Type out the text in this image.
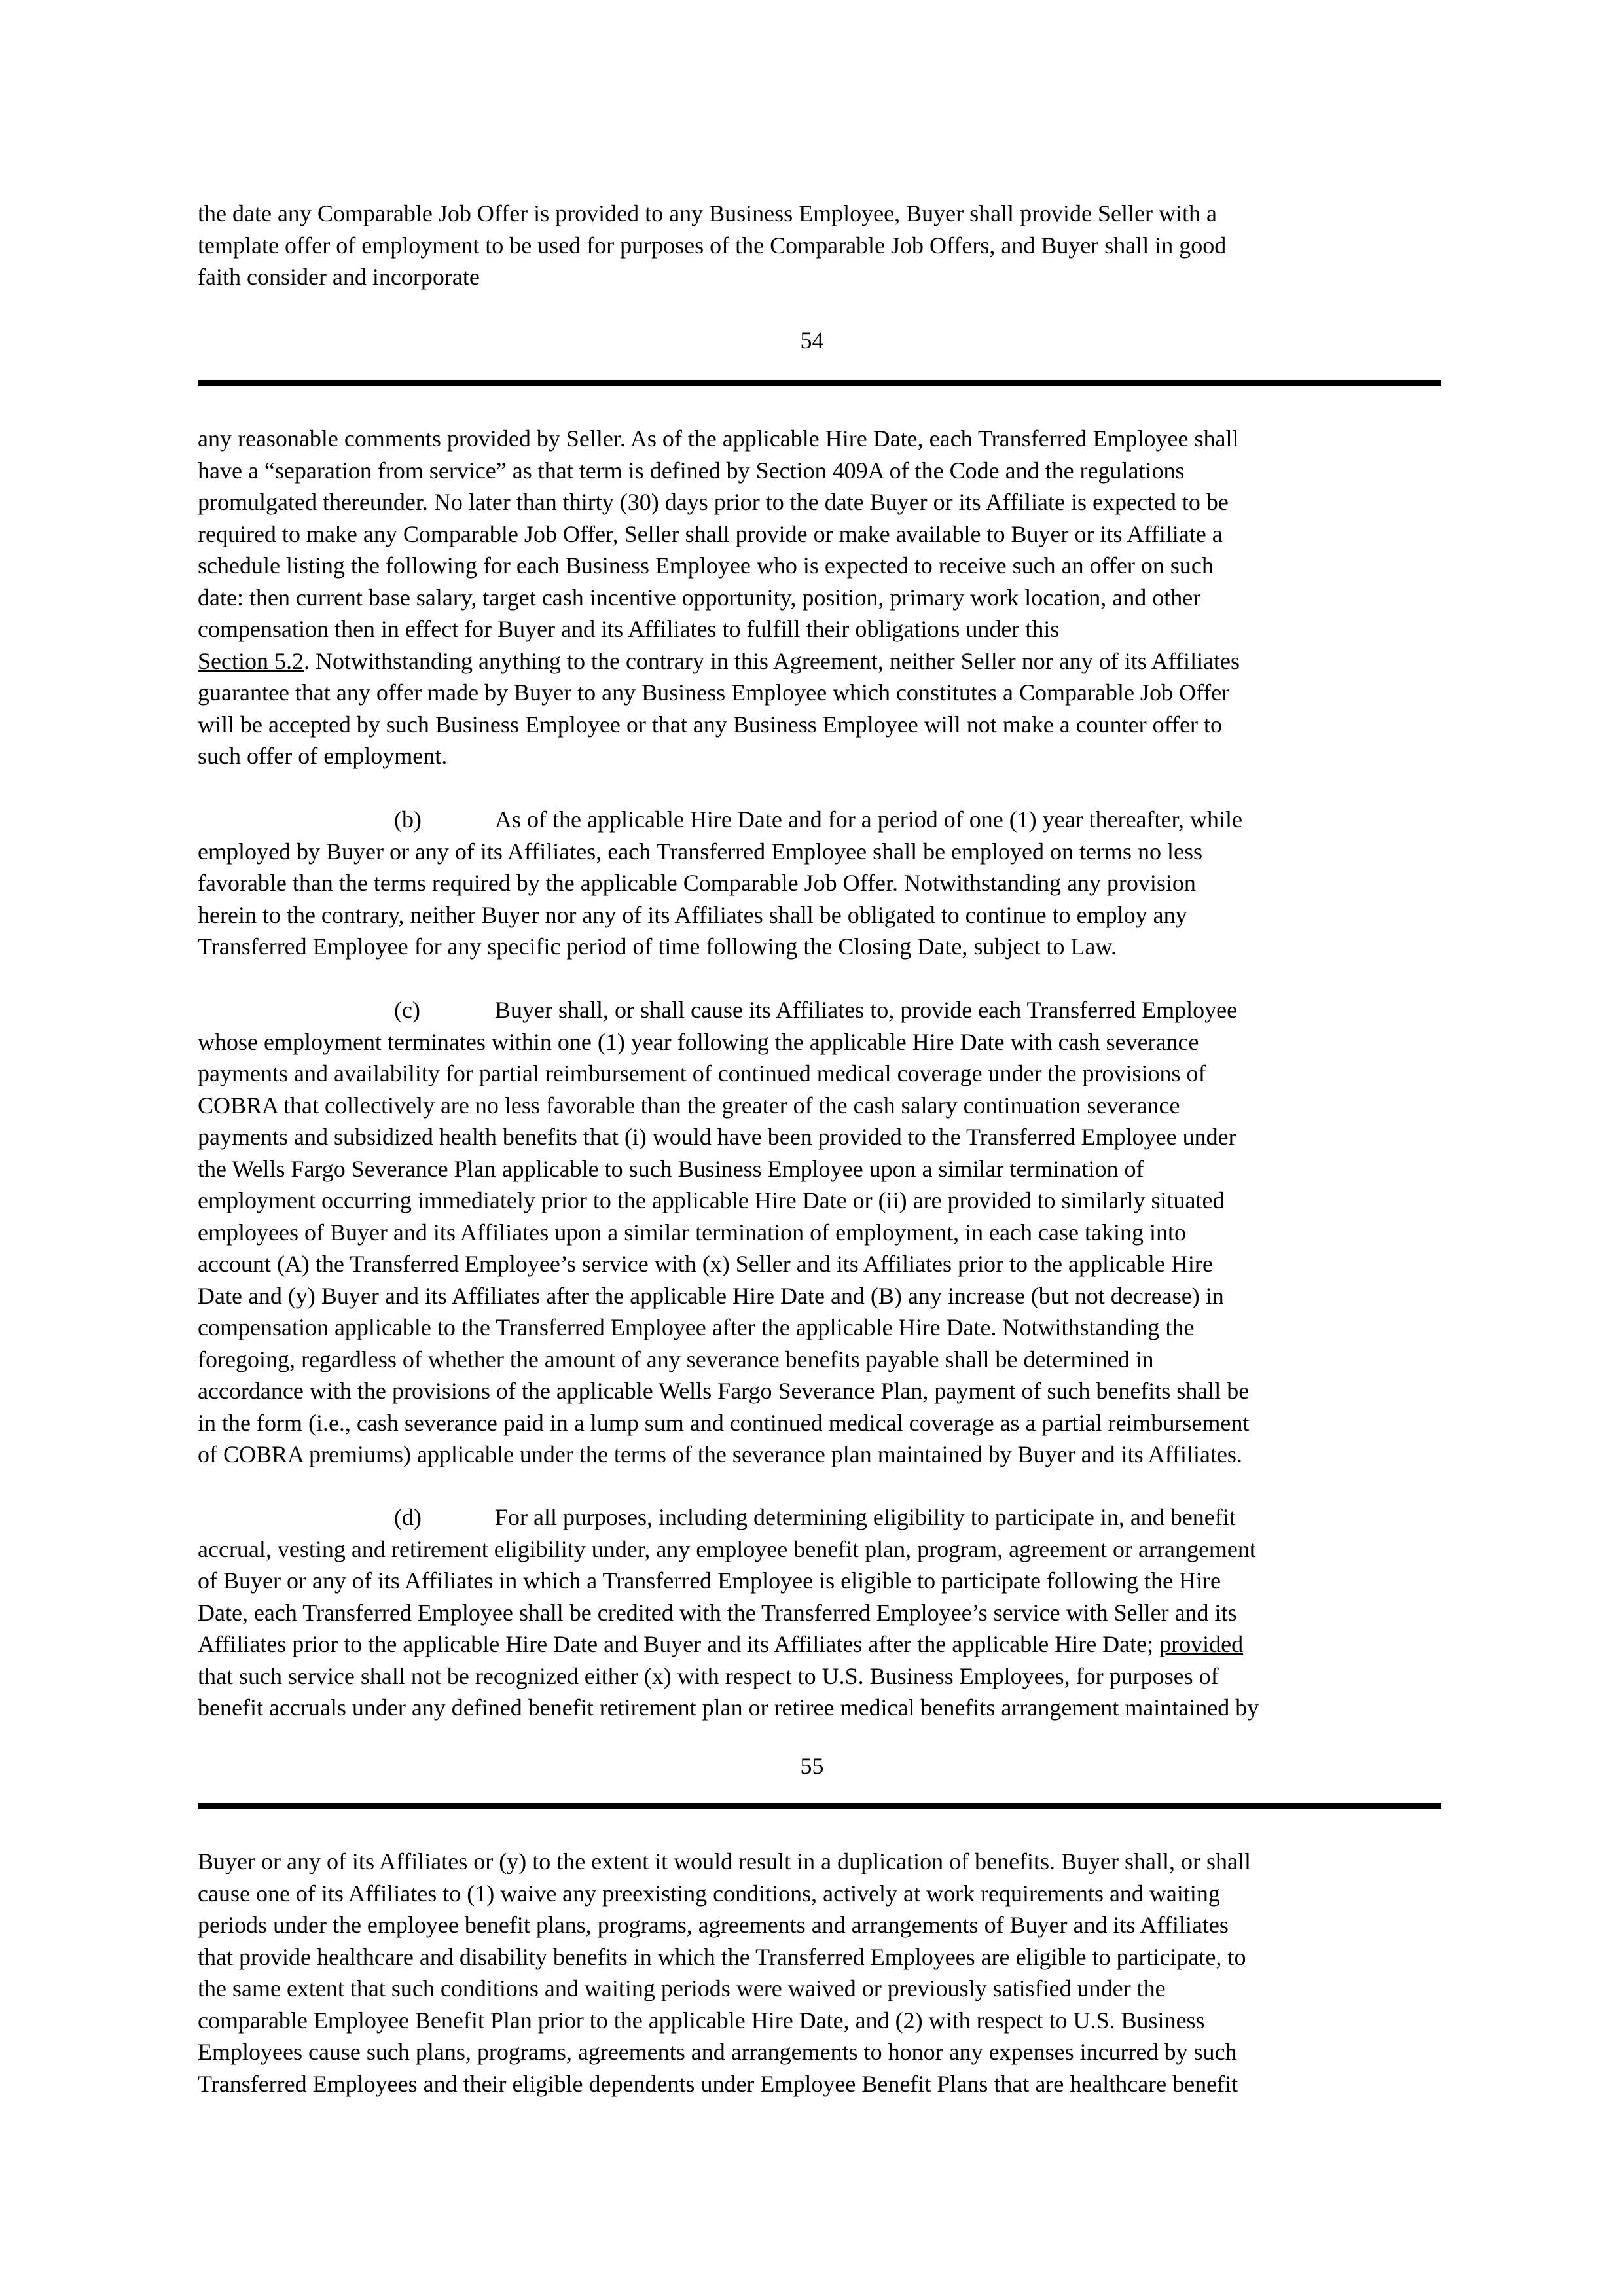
the date any Comparable Job Offer is provided to any Business Employee, Buyer shall provide Seller with a
template offer of employment to be used for purposes of the Comparable Job Offers, and Buyer shall in good
faith consider and incorporate
54
any reasonable comments provided by Seller. As of the applicable Hire Date, each Transferred Employee shall
have a “separation from service” as that term is defined by Section 409A of the Code and the regulations
promulgated thereunder. No later than thirty (30) days prior to the date Buyer or its Affiliate is expected to be
required to make any Comparable Job Offer, Seller shall provide or make available to Buyer or its Affiliate a
schedule listing the following for each Business Employee who is expected to receive such an offer on such
date: then current base salary, target cash incentive opportunity, position, primary work location, and other
compensation then in effect for Buyer and its Affiliates to fulfill their obligations under this
Section 5.2. Notwithstanding anything to the contrary in this Agreement, neither Seller nor any of its Affiliates
guarantee that any offer made by Buyer to any Business Employee which constitutes a Comparable Job Offer
will be accepted by such Business Employee or that any Business Employee will not make a counter offer to
such offer of employment.
(b)	As of the applicable Hire Date and for a period of one (1) year thereafter, while
employed by Buyer or any of its Affiliates, each Transferred Employee shall be employed on terms no less
favorable than the terms required by the applicable Comparable Job Offer. Notwithstanding any provision
herein to the contrary, neither Buyer nor any of its Affiliates shall be obligated to continue to employ any
Transferred Employee for any specific period of time following the Closing Date, subject to Law.
(c)	Buyer shall, or shall cause its Affiliates to, provide each Transferred Employee
whose employment terminates within one (1) year following the applicable Hire Date with cash severance
payments and availability for partial reimbursement of continued medical coverage under the provisions of
COBRA that collectively are no less favorable than the greater of the cash salary continuation severance
payments and subsidized health benefits that (i) would have been provided to the Transferred Employee under
the Wells Fargo Severance Plan applicable to such Business Employee upon a similar termination of
employment occurring immediately prior to the applicable Hire Date or (ii) are provided to similarly situated
employees of Buyer and its Affiliates upon a similar termination of employment, in each case taking into
account (A) the Transferred Employee’s service with (x) Seller and its Affiliates prior to the applicable Hire
Date and (y) Buyer and its Affiliates after the applicable Hire Date and (B) any increase (but not decrease) in
compensation applicable to the Transferred Employee after the applicable Hire Date. Notwithstanding the
foregoing, regardless of whether the amount of any severance benefits payable shall be determined in
accordance with the provisions of the applicable Wells Fargo Severance Plan, payment of such benefits shall be
in the form (i.e., cash severance paid in a lump sum and continued medical coverage as a partial reimbursement
of COBRA premiums) applicable under the terms of the severance plan maintained by Buyer and its Affiliates.
(d)	For all purposes, including determining eligibility to participate in, and benefit
accrual, vesting and retirement eligibility under, any employee benefit plan, program, agreement or arrangement
of Buyer or any of its Affiliates in which a Transferred Employee is eligible to participate following the Hire
Date, each Transferred Employee shall be credited with the Transferred Employee’s service with Seller and its
Affiliates prior to the applicable Hire Date and Buyer and its Affiliates after the applicable Hire Date; provided
that such service shall not be recognized either (x) with respect to U.S. Business Employees, for purposes of
benefit accruals under any defined benefit retirement plan or retiree medical benefits arrangement maintained by
55
Buyer or any of its Affiliates or (y) to the extent it would result in a duplication of benefits. Buyer shall, or shall
cause one of its Affiliates to (1) waive any preexisting conditions, actively at work requirements and waiting
periods under the employee benefit plans, programs, agreements and arrangements of Buyer and its Affiliates
that provide healthcare and disability benefits in which the Transferred Employees are eligible to participate, to
the same extent that such conditions and waiting periods were waived or previously satisfied under the
comparable Employee Benefit Plan prior to the applicable Hire Date, and (2) with respect to U.S. Business
Employees cause such plans, programs, agreements and arrangements to honor any expenses incurred by such
Transferred Employees and their eligible dependents under Employee Benefit Plans that are healthcare benefit
